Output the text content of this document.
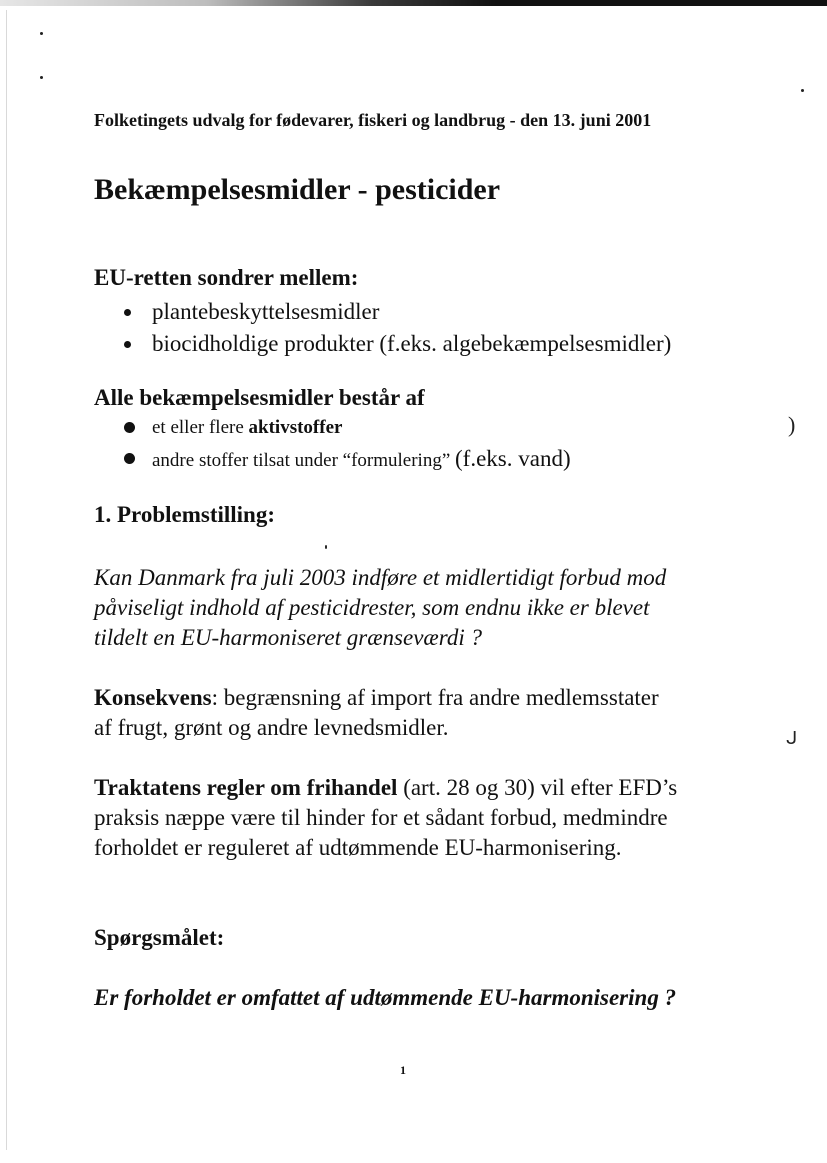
Folketingets udvalg for fødevarer, fiskeri og landbrug - den 13. juni 2001
Bekæmpelsesmidler - pesticider
EU-retten sondrer mellem:
plantebeskyttelsesmidler
biocidholdige produkter (f.eks. algebekæmpelsesmidler)
Alle bekæmpelsesmidler består af
et eller flere aktivstoffer
andre stoffer tilsat under “formulering” (f.eks. vand)
1. Problemstilling:

Kan Danmark fra juli 2003 indføre et midlertidigt forbud mod
påviseligt indhold af pesticidrester, som endnu ikke er blevet
tildelt en EU-harmoniseret grænseværdi ?

Konsekvens: begrænsning af import fra andre medlemsstater
af frugt, grønt og andre levnedsmidler.

Traktatens regler om frihandel (art. 28 og 30) vil efter EFD’s
praksis næppe være til hinder for et sådant forbud, medmindre
forholdet er reguleret af udtømmende EU-harmonisering.

Spørgsmålet:
Er forholdet er omfattet af udtømmende EU-harmonisering ?
1
)
ᒍ
